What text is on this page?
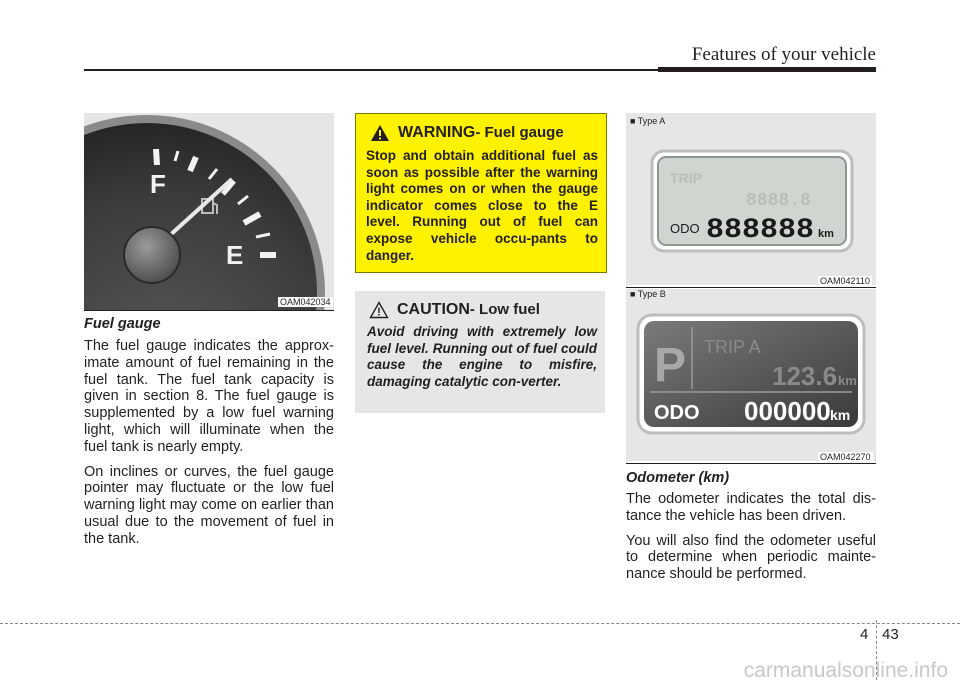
Features of your vehicle
F
E
OAM042034
Fuel gauge

The fuel gauge indicates the approx-imate amount of fuel remaining in the fuel tank. The fuel tank capacity is given in section 8. The fuel gauge is supplemented by a low fuel warning light, which will illuminate when the fuel tank is nearly empty.

On inclines or curves, the fuel gauge pointer may fluctuate or the low fuel warning light may come on earlier than usual due to the movement of fuel in the tank.

WARNING - Fuel gauge
Stop and obtain additional fuel as soon as possible after the warning light comes on or when the gauge indicator comes close to the E level. Running out of fuel can expose vehicle occu-pants to danger.
CAUTION - Low fuel
Avoid driving with extremely low fuel level. Running out of fuel could cause the engine to misfire, damaging catalytic con-verter.
■ Type A
TRIP
8888.8
ODO 888888 km
OAM042110
■ Type B
P TRIP A
123.6 km
ODO 000000 km
OAM042270
Odometer (km)

The odometer indicates the total dis-tance the vehicle has been driven.

You will also find the odometer useful to determine when periodic mainte-nance should be performed.

4 43
carmanualsonline.info
